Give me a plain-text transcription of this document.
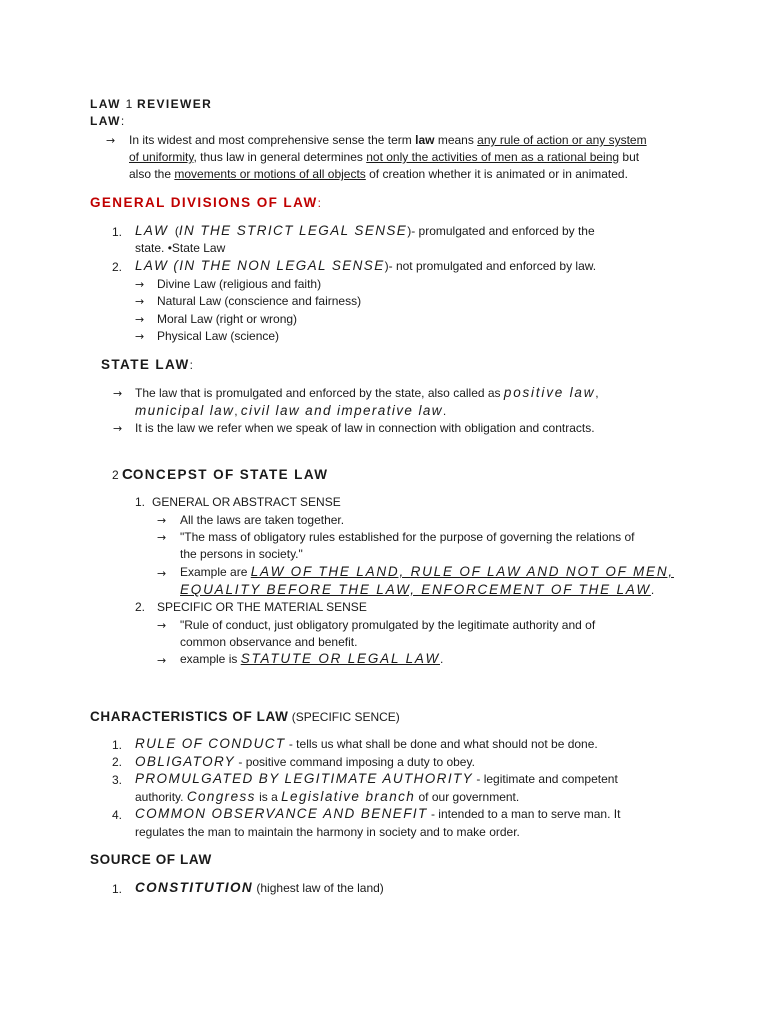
LAW 1 REVIEWER
LAW:
→ In its widest and most comprehensive sense the term law means any rule of action or any system
of uniformity, thus law in general determines not only the activities of men as a rational being but
also the movements or motions of all objects of creation whether it is animated or in animated.
GENERAL DIVISIONS OF LAW:
1. LAW (IN THE STRICT LEGAL SENSE)- promulgated and enforced by the
state. •State Law
2. LAW (IN THE NON LEGAL SENSE)- not promulgated and enforced by law.
→ Divine Law (religious and faith)
→ Natural Law (conscience and fairness)
→ Moral Law (right or wrong)
→ Physical Law (science)
STATE LAW:
→ The law that is promulgated and enforced by the state, also called as positive law,
municipal law, civil law and imperative law.
→ It is the law we refer when we speak of law in connection with obligation and contracts.
2 CONCEPST OF STATE LAW
1. GENERAL OR ABSTRACT SENSE
→ All the laws are taken together.
→ "The mass of obligatory rules established for the purpose of governing the relations of
the persons in society."
→ Example are LAW OF THE LAND, RULE OF LAW AND NOT OF MEN,
EQUALITY BEFORE THE LAW, ENFORCEMENT OF THE LAW.
2. SPECIFIC OR THE MATERIAL SENSE
→ "Rule of conduct, just obligatory promulgated by the legitimate authority and of
common observance and benefit.
→ example is STATUTE OR LEGAL LAW.
CHARACTERISTICS OF LAW (SPECIFIC SENCE)
1. RULE OF CONDUCT - tells us what shall be done and what should not be done.
2. OBLIGATORY - positive command imposing a duty to obey.
3. PROMULGATED BY LEGITIMATE AUTHORITY - legitimate and competent
authority. Congress is a Legislative branch of our government.
4. COMMON OBSERVANCE AND BENEFIT - intended to a man to serve man. It
regulates the man to maintain the harmony in society and to make order.
SOURCE OF LAW
1. CONSTITUTION (highest law of the land)
